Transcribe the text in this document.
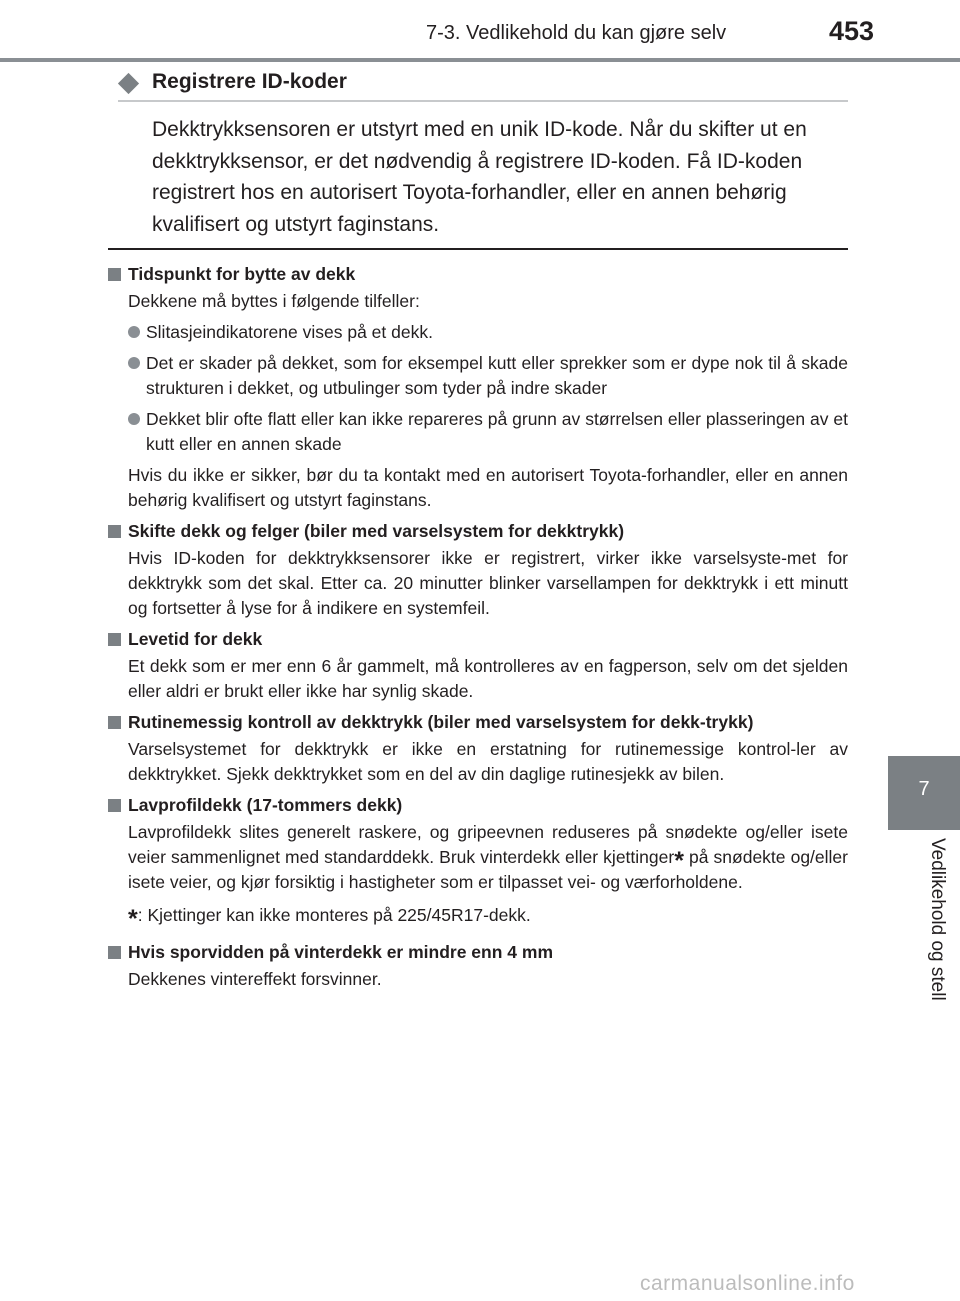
7-3. Vedlikehold du kan gjøre selv	453
7
Vedlikehold og stell
Registrere ID-koder
Dekktrykksensoren er utstyrt med en unik ID-kode. Når du skifter ut en dekktrykksensor, er det nødvendig å registrere ID-koden. Få ID-koden registrert hos en autorisert Toyota-forhandler, eller en annen behørig kvalifisert og utstyrt faginstans.
Tidspunkt for bytte av dekk
Dekkene må byttes i følgende tilfeller:
Slitasjeindikatorene vises på et dekk.
Det er skader på dekket, som for eksempel kutt eller sprekker som er dype nok til å skade strukturen i dekket, og utbulinger som tyder på indre skader
Dekket blir ofte flatt eller kan ikke repareres på grunn av størrelsen eller plasseringen av et kutt eller en annen skade
Hvis du ikke er sikker, bør du ta kontakt med en autorisert Toyota-forhandler, eller en annen behørig kvalifisert og utstyrt faginstans.
Skifte dekk og felger (biler med varselsystem for dekktrykk)
Hvis ID-koden for dekktrykksensorer ikke er registrert, virker ikke varselsyste-met for dekktrykk som det skal. Etter ca. 20 minutter blinker varsellampen for dekktrykk i ett minutt og fortsetter å lyse for å indikere en systemfeil.
Levetid for dekk
Et dekk som er mer enn 6 år gammelt, må kontrolleres av en fagperson, selv om det sjelden eller aldri er brukt eller ikke har synlig skade.
Rutinemessig kontroll av dekktrykk (biler med varselsystem for dekk-trykk)
Varselsystemet for dekktrykk er ikke en erstatning for rutinemessige kontrol-ler av dekktrykket. Sjekk dekktrykket som en del av din daglige rutinesjekk av bilen.
Lavprofildekk (17-tommers dekk)
Lavprofildekk slites generelt raskere, og gripeevnen reduseres på snødekte og/eller isete veier sammenlignet med standarddekk. Bruk vinterdekk eller kjettinger* på snødekte og/eller isete veier, og kjør forsiktig i hastigheter som er tilpasset vei- og værforholdene.
*: Kjettinger kan ikke monteres på 225/45R17-dekk.
Hvis sporvidden på vinterdekk er mindre enn 4 mm
Dekkenes vintereffekt forsvinner.
carmanualsonline.info
